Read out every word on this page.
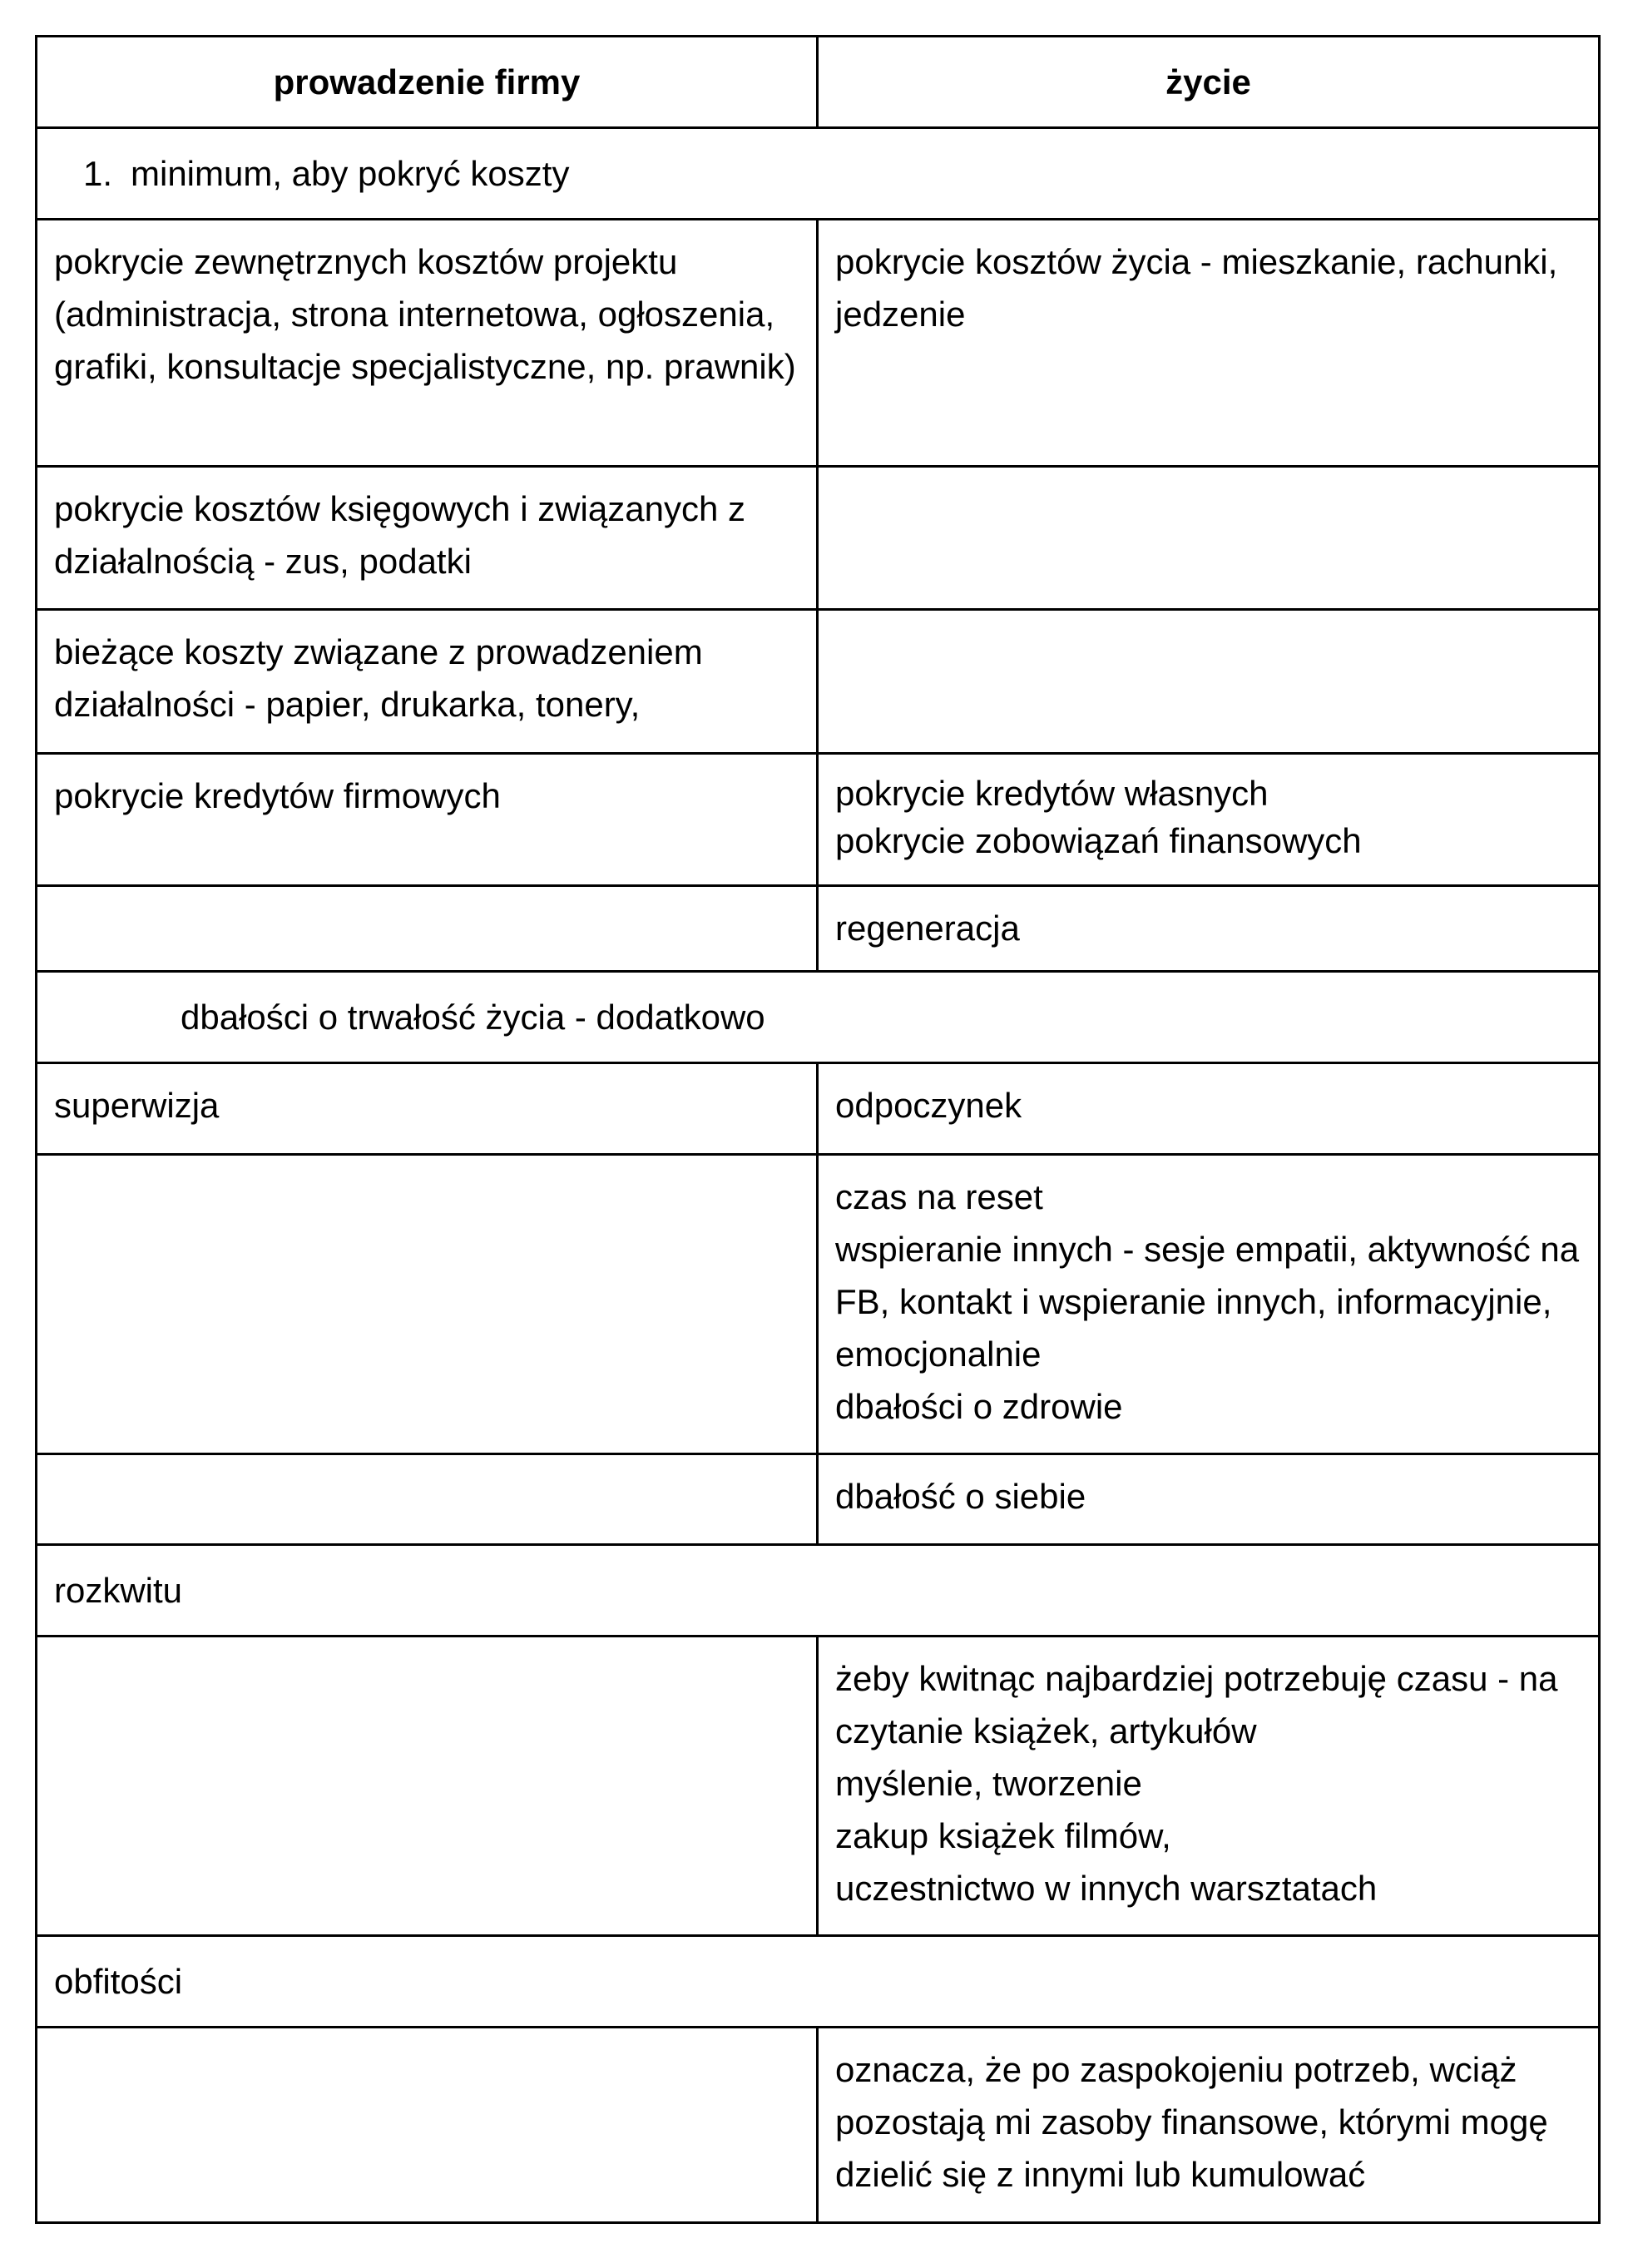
prowadzenie firmy	życie
1. minimum, aby pokryć koszty	

pokrycie zewnętrznych kosztów projektu (administracja, strona internetowa, ogłoszenia, grafiki, konsultacje specjalistyczne, np. prawnik)	pokrycie kosztów życia - mieszkanie, rachunki, jedzenie

pokrycie kosztów księgowych i związanych z działalnością - zus, podatki	

bieżące koszty związane z prowadzeniem działalności - papier, drukarka, tonery,	

pokrycie kredytów firmowych	pokrycie kredytów własnych
pokrycie zobowiązań finansowych

	regeneracja

dbałości o trwałość życia - dodatkowo	

superwizja	odpoczynek

	czas na reset
wspieranie innych - sesje empatii, aktywność na FB, kontakt i wspieranie innych, informacyjnie, emocjonalnie
dbałości o zdrowie

	dbałość o siebie

rozkwitu	

	żeby kwitnąc najbardziej potrzebuję czasu - na czytanie książek, artykułów
myślenie, tworzenie
zakup książek filmów,
uczestnictwo w innych warsztatach

obfitości	

	oznacza, że po zaspokojeniu potrzeb, wciąż pozostają mi zasoby finansowe, którymi mogę dzielić się z innymi lub kumulować
